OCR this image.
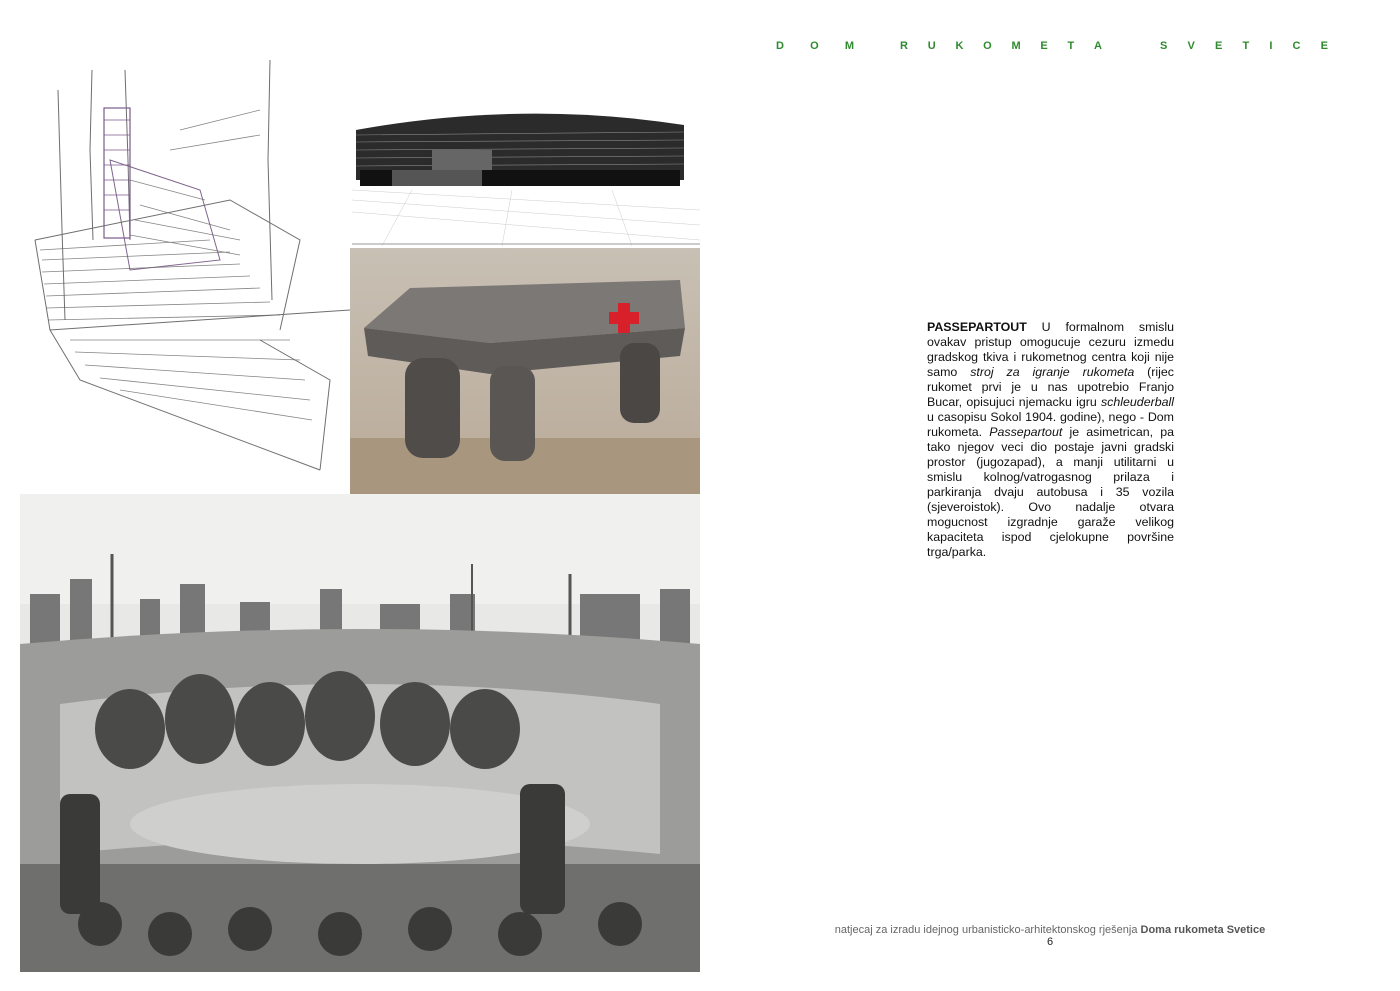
D O M	R U K O M E T A	S V E T I C E
PASSEPARTOUT U formalnom smislu ovakav pristup omogucuje cezuru izmedu gradskog tkiva i rukometnog centra koji nije samo stroj za igranje rukometa (rijec rukomet prvi je u nas upotrebio Franjo Bucar, opisujuci njemacku igru schleuderball u casopisu Sokol 1904. godine), nego - Dom rukometa. Passepartout je asimetrican, pa tako njegov veci dio postaje javni gradski prostor (jugozapad), a manji utilitarni u smislu kolnog/vatrogasnog prilaza i parkiranja dvaju autobusa i 35 vozila (sjeveroistok). Ovo nadalje otvara mogucnost izgradnje garaže velikog kapaciteta ispod cjelokupne površine trga/parka.
natjecaj za izradu idejnog urbanisticko-arhitektonskog rješenja Doma rukometa Svetice
6
